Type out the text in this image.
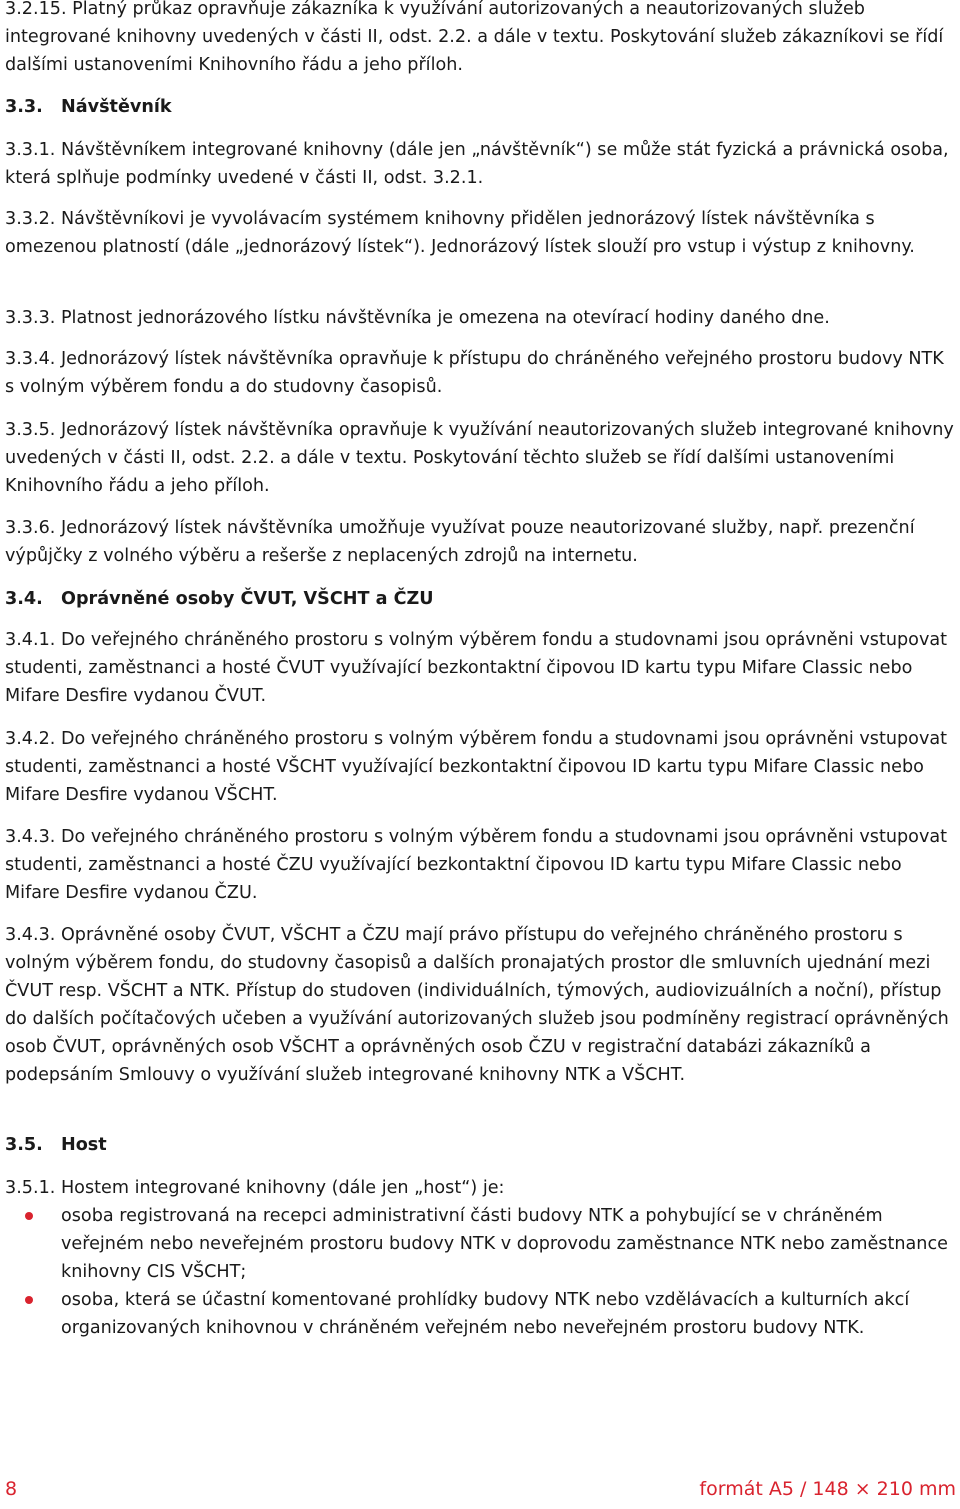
3.2.15. Platný průkaz opravňuje zákazníka k využívání autorizovaných a neautorizovaných služeb integrované knihovny uvedených v části II, odst. 2.2. a dále v textu. Poskytování služeb zákazníkovi se řídí dalšími ustanoveními Knihovního řádu a jeho příloh.

3.3. Návštěvník

3.3.1. Návštěvníkem integrované knihovny (dále jen „návštěvník“) se může stát fyzická a právnická osoba, která splňuje podmínky uvedené v části II, odst. 3.2.1.

3.3.2. Návštěvníkovi je vyvolávacím systémem knihovny přidělen jednorázový lístek návštěvníka s omezenou platností (dále „jednorázový lístek“). Jednorázový lístek slouží pro vstup i výstup z knihovny.

3.3.3. Platnost jednorázového lístku návštěvníka je omezena na otevírací hodiny daného dne.

3.3.4. Jednorázový lístek návštěvníka opravňuje k přístupu do chráněného veřejného prostoru budovy NTK s volným výběrem fondu a do studovny časopisů.

3.3.5. Jednorázový lístek návštěvníka opravňuje k využívání neautorizovaných služeb integrované knihovny uvedených v části II, odst. 2.2. a dále v textu. Poskytování těchto služeb se řídí dalšími ustanoveními Knihovního řádu a jeho příloh.

3.3.6. Jednorázový lístek návštěvníka umožňuje využívat pouze neautorizované služby, např. prezenční výpůjčky z volného výběru a rešerše z neplacených zdrojů na internetu.

3.4. Oprávněné osoby ČVUT, VŠCHT a ČZU

3.4.1. Do veřejného chráněného prostoru s volným výběrem fondu a studovnami jsou oprávněni vstupovat studenti, zaměstnanci a hosté ČVUT využívající bezkontaktní čipovou ID kartu typu Mifare Classic nebo Mifare Desfire vydanou ČVUT.

3.4.2. Do veřejného chráněného prostoru s volným výběrem fondu a studovnami jsou oprávněni vstupovat studenti, zaměstnanci a hosté VŠCHT využívající bezkontaktní čipovou ID kartu typu Mifare Classic nebo Mifare Desfire vydanou VŠCHT.

3.4.3. Do veřejného chráněného prostoru s volným výběrem fondu a studovnami jsou oprávněni vstupovat studenti, zaměstnanci a hosté ČZU využívající bezkontaktní čipovou ID kartu typu Mifare Classic nebo Mifare Desfire vydanou ČZU.

3.4.3. Oprávněné osoby ČVUT, VŠCHT a ČZU mají právo přístupu do veřejného chráněného prostoru s volným výběrem fondu, do studovny časopisů a dalších pronajatých prostor dle smluvních ujednání mezi ČVUT resp. VŠCHT a NTK. Přístup do studoven (individuálních, týmových, audiovizuálních a noční), přístup do dalších počítačových učeben a využívání autorizovaných služeb jsou podmíněny registrací oprávněných osob ČVUT, oprávněných osob VŠCHT a oprávněných osob ČZU v registrační databázi zákazníků a podepsáním Smlouvy o využívání služeb integrované knihovny NTK a VŠCHT.

3.5. Host

3.5.1. Hostem integrované knihovny (dále jen „host“) je:

osoba registrovaná na recepci administrativní části budovy NTK a pohybující se v chráněném veřejném nebo neveřejném prostoru budovy NTK v doprovodu zaměstnance NTK nebo zaměstnance knihovny CIS VŠCHT;
osoba, která se účastní komentované prohlídky budovy NTK nebo vzdělávacích a kulturních akcí organizovaných knihovnou v chráněném veřejném nebo neveřejném prostoru budovy NTK.
8	formát A5 / 148 × 210 mm
